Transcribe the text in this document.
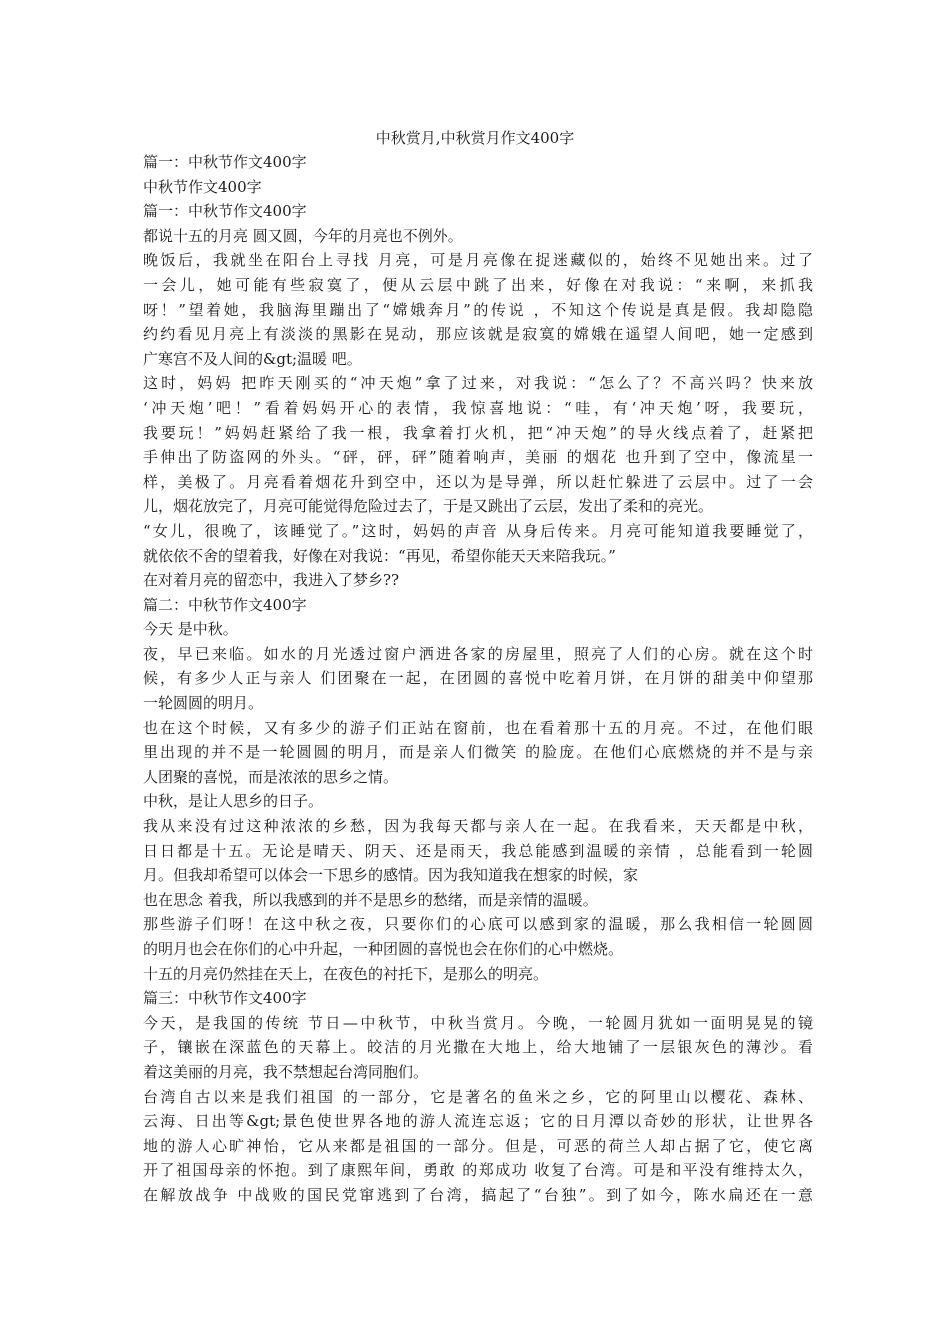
中秋赏月,中秋赏月作文400字
篇一：中秋节作文400字
中秋节作文400字
篇一：中秋节作文400字
都说十五的月亮 圆又圆，今年的月亮也不例外。
晚饭后，我就坐在阳台上寻找 月亮，可是月亮像在捉迷藏似的，始终不见她出来。过了
一会儿，她可能有些寂寞了，便从云层中跳了出来，好像在对我说：“来啊，来抓我
呀！”望着她，我脑海里蹦出了“嫦娥奔月”的传说 ，不知这个传说是真是假。我却隐隐
约约看见月亮上有淡淡的黑影在晃动，那应该就是寂寞的嫦娥在遥望人间吧，她一定感到
广寒宫不及人间的&gt;温暖 吧。
这时，妈妈 把昨天刚买的“冲天炮”拿了过来，对我说：“怎么了？不高兴吗？快来放
‘冲天炮’吧！”看着妈妈开心的表情，我惊喜地说：“哇，有‘冲天炮’呀，我要玩，
我要玩！”妈妈赶紧给了我一根，我拿着打火机，把“冲天炮”的导火线点着了，赶紧把
手伸出了防盗网的外头。“砰，砰，砰”随着响声，美丽 的烟花 也升到了空中，像流星一
样，美极了。月亮看着烟花升到空中，还以为是导弹，所以赶忙躲进了云层中。过了一会
儿，烟花放完了，月亮可能觉得危险过去了，于是又跳出了云层，发出了柔和的亮光。
“女儿，很晚了，该睡觉了。”这时，妈妈的声音 从身后传来。月亮可能知道我要睡觉了，
就依依不舍的望着我，好像在对我说：“再见，希望你能天天来陪我玩。”
在对着月亮的留恋中，我进入了梦乡??
篇二：中秋节作文400字
今天 是中秋。
夜，早已来临。如水的月光透过窗户洒进各家的房屋里，照亮了人们的心房。就在这个时
候，有多少人正与亲人 们团聚在一起，在团圆的喜悦中吃着月饼，在月饼的甜美中仰望那
一轮圆圆的明月。
也在这个时候，又有多少的游子们正站在窗前，也在看着那十五的月亮。不过，在他们眼
里出现的并不是一轮圆圆的明月，而是亲人们微笑 的脸庞。在他们心底燃烧的并不是与亲
人团聚的喜悦，而是浓浓的思乡之情。
中秋，是让人思乡的日子。
我从来没有过这种浓浓的乡愁，因为我每天都与亲人在一起。在我看来，天天都是中秋，
日日都是十五。无论是晴天、阴天、还是雨天，我总能感到温暖的亲情 ，总能看到一轮圆
月。但我却希望可以体会一下思乡的感情。因为我知道我在想家的时候，家
也在思念 着我，所以我感到的并不是思乡的愁绪，而是亲情的温暖。
那些游子们呀！在这中秋之夜，只要你们的心底可以感到家的温暖，那么我相信一轮圆圆
的明月也会在你们的心中升起，一种团圆的喜悦也会在你们的心中燃烧。
十五的月亮仍然挂在天上，在夜色的衬托下，是那么的明亮。
篇三：中秋节作文400字
今天，是我国的传统 节日—中秋节，中秋当赏月。今晚，一轮圆月犹如一面明晃晃的镜
子，镶嵌在深蓝色的天幕上。皎洁的月光撒在大地上，给大地铺了一层银灰色的薄沙。看
着这美丽的月亮，我不禁想起台湾同胞们。
台湾自古以来是我们祖国 的一部分，它是著名的鱼米之乡，它的阿里山以樱花、森林、
云海、日出等&gt;景色使世界各地的游人流连忘返；它的日月潭以奇妙的形状，让世界各
地的游人心旷神怡，它从来都是祖国的一部分。但是，可恶的荷兰人却占据了它，使它离
开了祖国母亲的怀抱。到了康熙年间，勇敢 的郑成功 收复了台湾。可是和平没有维持太久，
在解放战争 中战败的国民党窜逃到了台湾，搞起了“台独”。到了如今，陈水扁还在一意
